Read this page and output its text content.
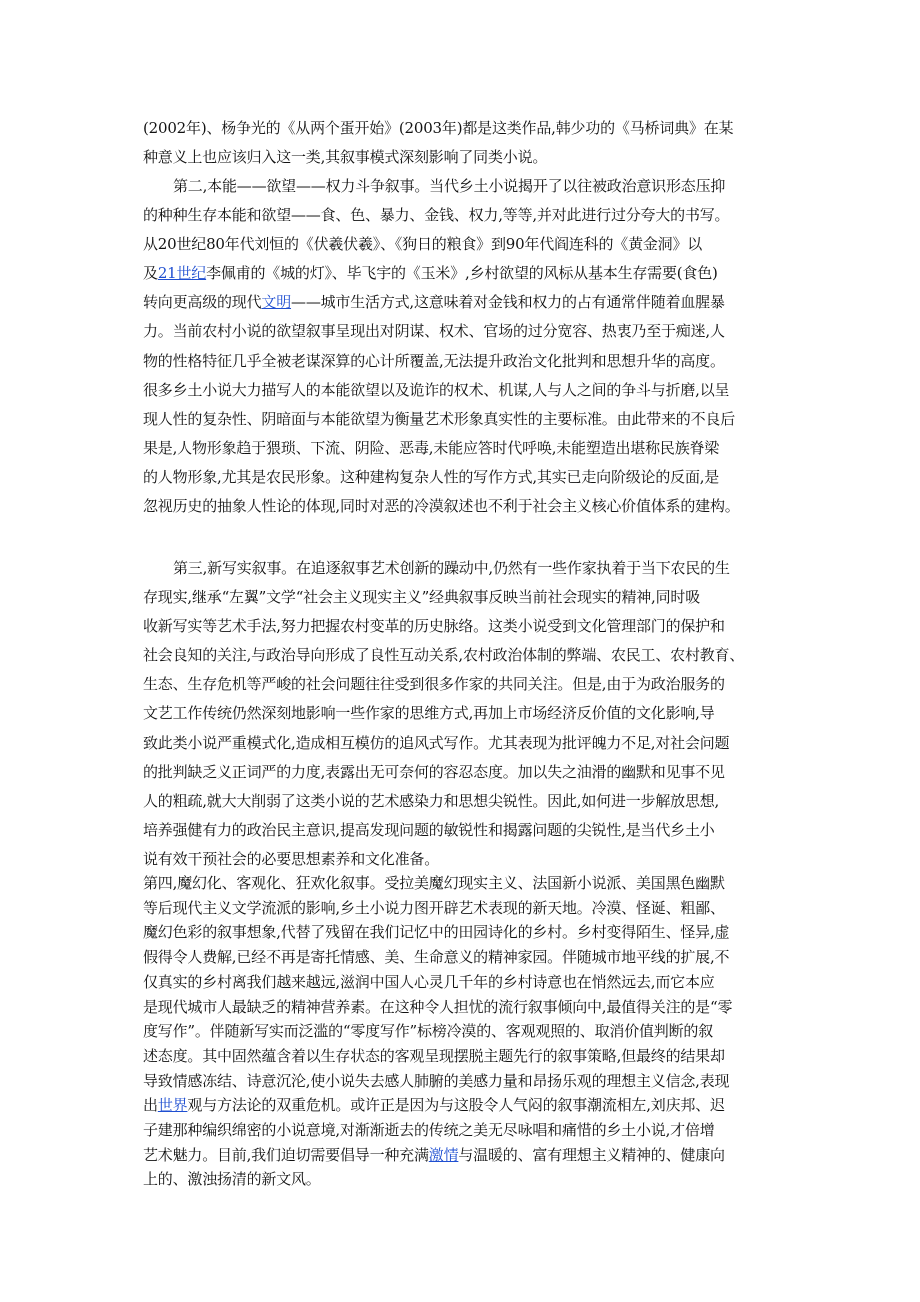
(2002年)、杨争光的《从两个蛋开始》(2003年)都是这类作品,韩少功的《马桥词典》在某
种意义上也应该归入这一类,其叙事模式深刻影响了同类小说。
第二,本能——欲望——权力斗争叙事。当代乡土小说揭开了以往被政治意识形态压抑
的种种生存本能和欲望——食、色、暴力、金钱、权力,等等,并对此进行过分夸大的书写。
从20世纪80年代刘恒的《伏羲伏羲》、《狗日的粮食》到90年代阎连科的《黄金洞》以
及21世纪李佩甫的《城的灯》、毕飞宇的《玉米》,乡村欲望的风标从基本生存需要(食色)
转向更高级的现代文明——城市生活方式,这意味着对金钱和权力的占有通常伴随着血腥暴
力。当前农村小说的欲望叙事呈现出对阴谋、权术、官场的过分宽容、热衷乃至于痴迷,人
物的性格特征几乎全被老谋深算的心计所覆盖,无法提升政治文化批判和思想升华的高度。
很多乡土小说大力描写人的本能欲望以及诡诈的权术、机谋,人与人之间的争斗与折磨,以呈
现人性的复杂性、阴暗面与本能欲望为衡量艺术形象真实性的主要标准。由此带来的不良后
果是,人物形象趋于猥琐、下流、阴险、恶毒,未能应答时代呼唤,未能塑造出堪称民族脊梁
的人物形象,尤其是农民形象。这种建构复杂人性的写作方式,其实已走向阶级论的反面,是
忽视历史的抽象人性论的体现,同时对恶的冷漠叙述也不利于社会主义核心价值体系的建构。
第三,新写实叙事。在追逐叙事艺术创新的躁动中,仍然有一些作家执着于当下农民的生
存现实,继承“左翼”文学“社会主义现实主义”经典叙事反映当前社会现实的精神,同时吸
收新写实等艺术手法,努力把握农村变革的历史脉络。这类小说受到文化管理部门的保护和
社会良知的关注,与政治导向形成了良性互动关系,农村政治体制的弊端、农民工、农村教育、
生态、生存危机等严峻的社会问题往往受到很多作家的共同关注。但是,由于为政治服务的
文艺工作传统仍然深刻地影响一些作家的思维方式,再加上市场经济反价值的文化影响,导
致此类小说严重模式化,造成相互模仿的追风式写作。尤其表现为批评魄力不足,对社会问题
的批判缺乏义正词严的力度,表露出无可奈何的容忍态度。加以失之油滑的幽默和见事不见
人的粗疏,就大大削弱了这类小说的艺术感染力和思想尖锐性。因此,如何进一步解放思想,
培养强健有力的政治民主意识,提高发现问题的敏锐性和揭露问题的尖锐性,是当代乡土小
说有效干预社会的必要思想素养和文化准备。
第四,魔幻化、客观化、狂欢化叙事。受拉美魔幻现实主义、法国新小说派、美国黑色幽默
等后现代主义文学流派的影响,乡土小说力图开辟艺术表现的新天地。冷漠、怪诞、粗鄙、
魔幻色彩的叙事想象,代替了残留在我们记忆中的田园诗化的乡村。乡村变得陌生、怪异,虚
假得令人费解,已经不再是寄托情感、美、生命意义的精神家园。伴随城市地平线的扩展,不
仅真实的乡村离我们越来越远,滋润中国人心灵几千年的乡村诗意也在悄然远去,而它本应
是现代城市人最缺乏的精神营养素。在这种令人担忧的流行叙事倾向中,最值得关注的是“零
度写作”。伴随新写实而泛滥的“零度写作”标榜冷漠的、客观观照的、取消价值判断的叙
述态度。其中固然蕴含着以生存状态的客观呈现摆脱主题先行的叙事策略,但最终的结果却
导致情感冻结、诗意沉沦,使小说失去感人肺腑的美感力量和昂扬乐观的理想主义信念,表现
出世界观与方法论的双重危机。或许正是因为与这股令人气闷的叙事潮流相左,刘庆邦、迟
子建那种编织绵密的小说意境,对渐渐逝去的传统之美无尽咏唱和痛惜的乡土小说,才倍增
艺术魅力。目前,我们迫切需要倡导一种充满激情与温暖的、富有理想主义精神的、健康向
上的、激浊扬清的新文风。
